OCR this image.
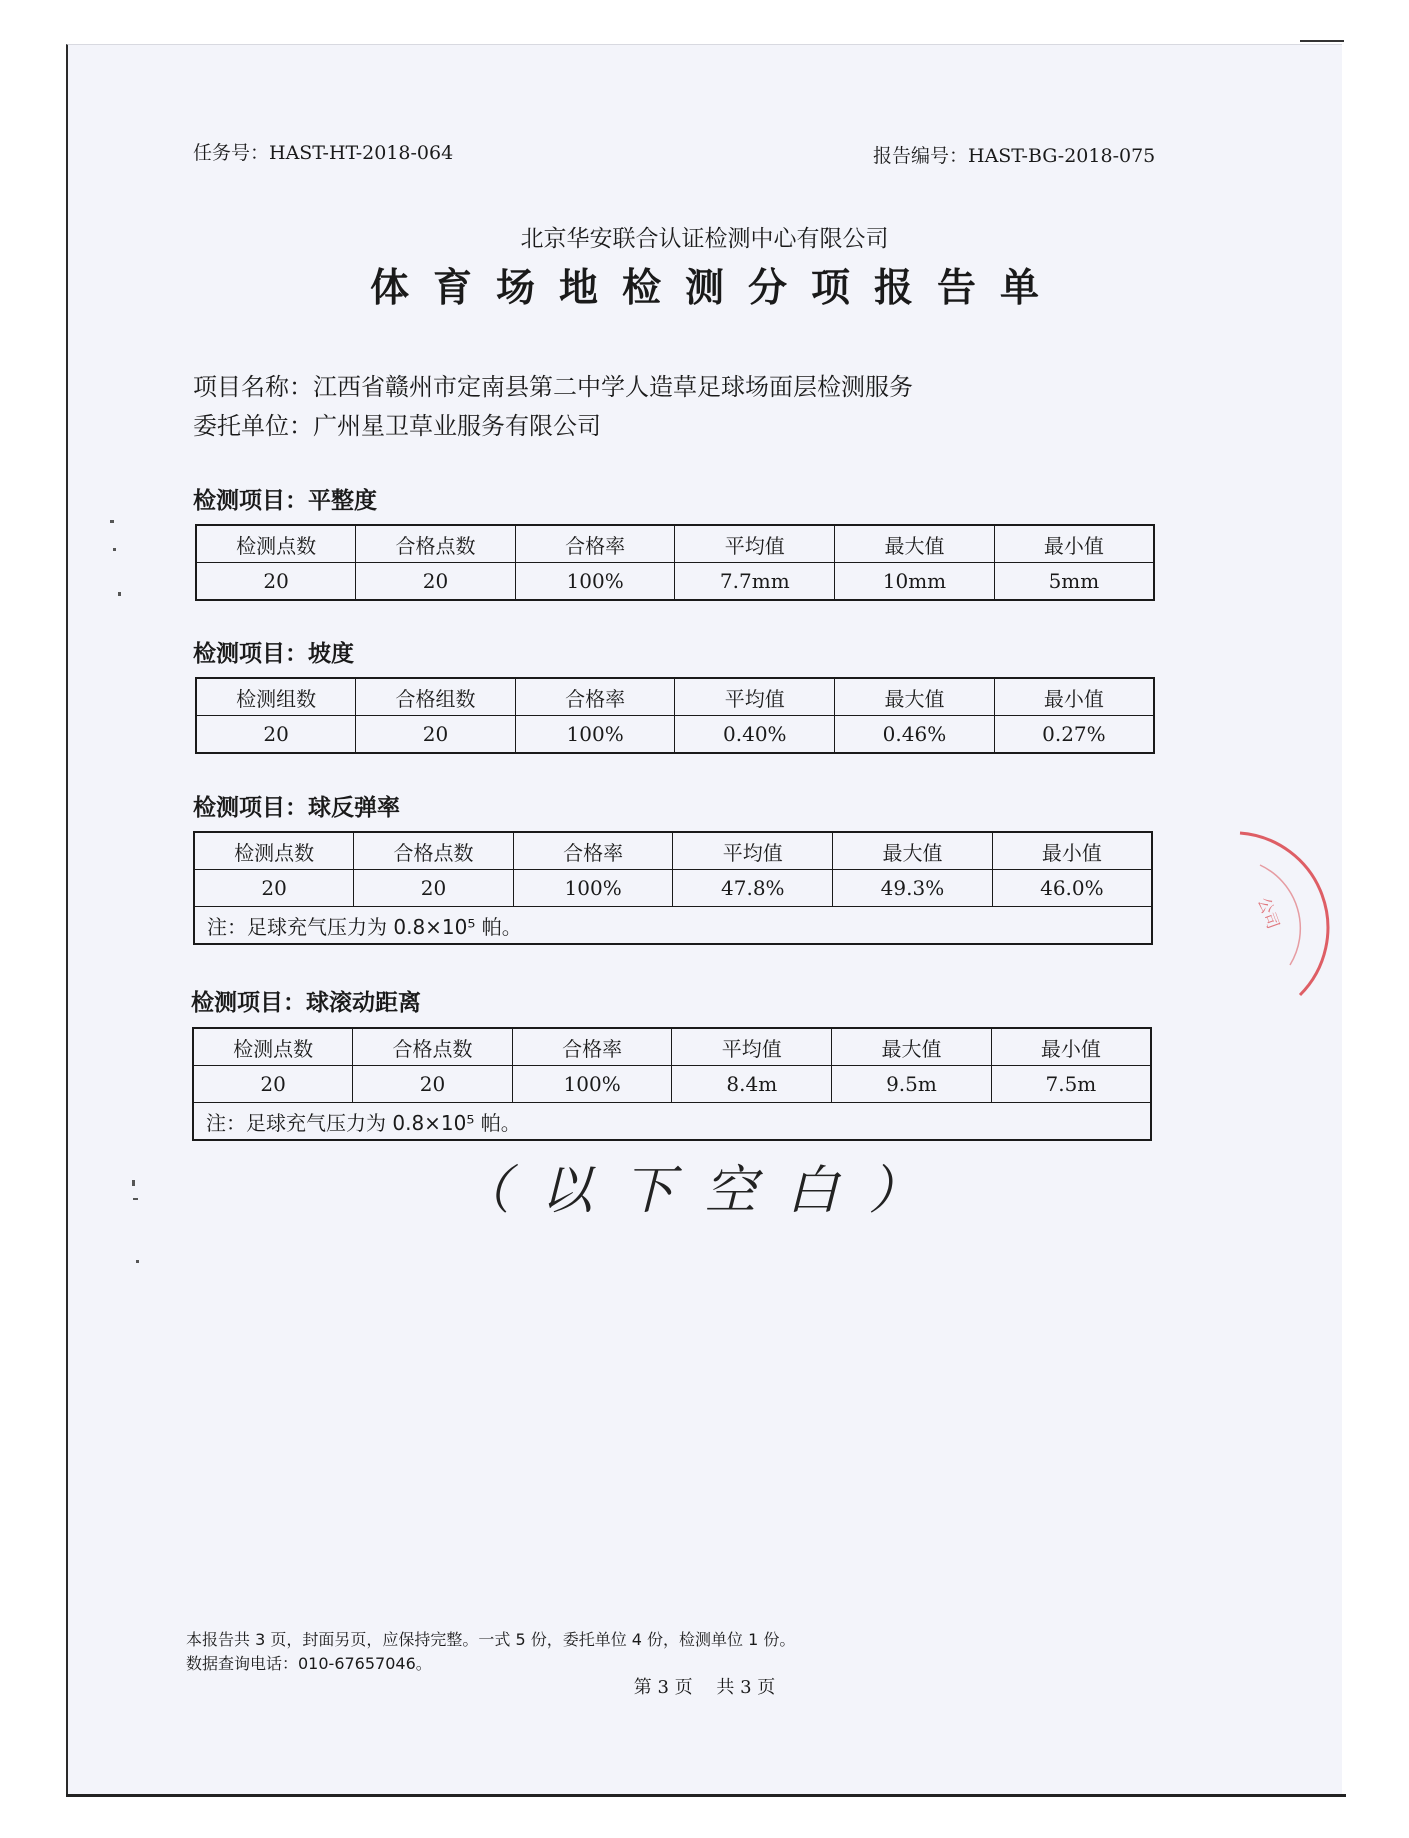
任务号：HAST-HT-2018-064	报告编号：HAST-BG-2018-075
北京华安联合认证检测中心有限公司
体育场地检测分项报告单
项目名称：江西省赣州市定南县第二中学人造草足球场面层检测服务
委托单位：广州星卫草业服务有限公司
检测项目：平整度
检测点数	合格点数	合格率	平均值	最大值	最小值
20	20	100%	7.7mm	10mm	5mm
检测项目：坡度
检测组数	合格组数	合格率	平均值	最大值	最小值
20	20	100%	0.40%	0.46%	0.27%
检测项目：球反弹率
检测点数	合格点数	合格率	平均值	最大值	最小值
20	20	100%	47.8%	49.3%	46.0%
注：足球充气压力为 0.8×10⁵ 帕。					
检测项目：球滚动距离
检测点数	合格点数	合格率	平均值	最大值	最小值
20	20	100%	8.4m	9.5m	7.5m
注：足球充气压力为 0.8×10⁵ 帕。					
（以下空白）
公司
本报告共 3 页，封面另页，应保持完整。一式 5 份，委托单位 4 份，检测单位 1 份。
数据查询电话：010-67657046。
第 3 页　 共 3 页
